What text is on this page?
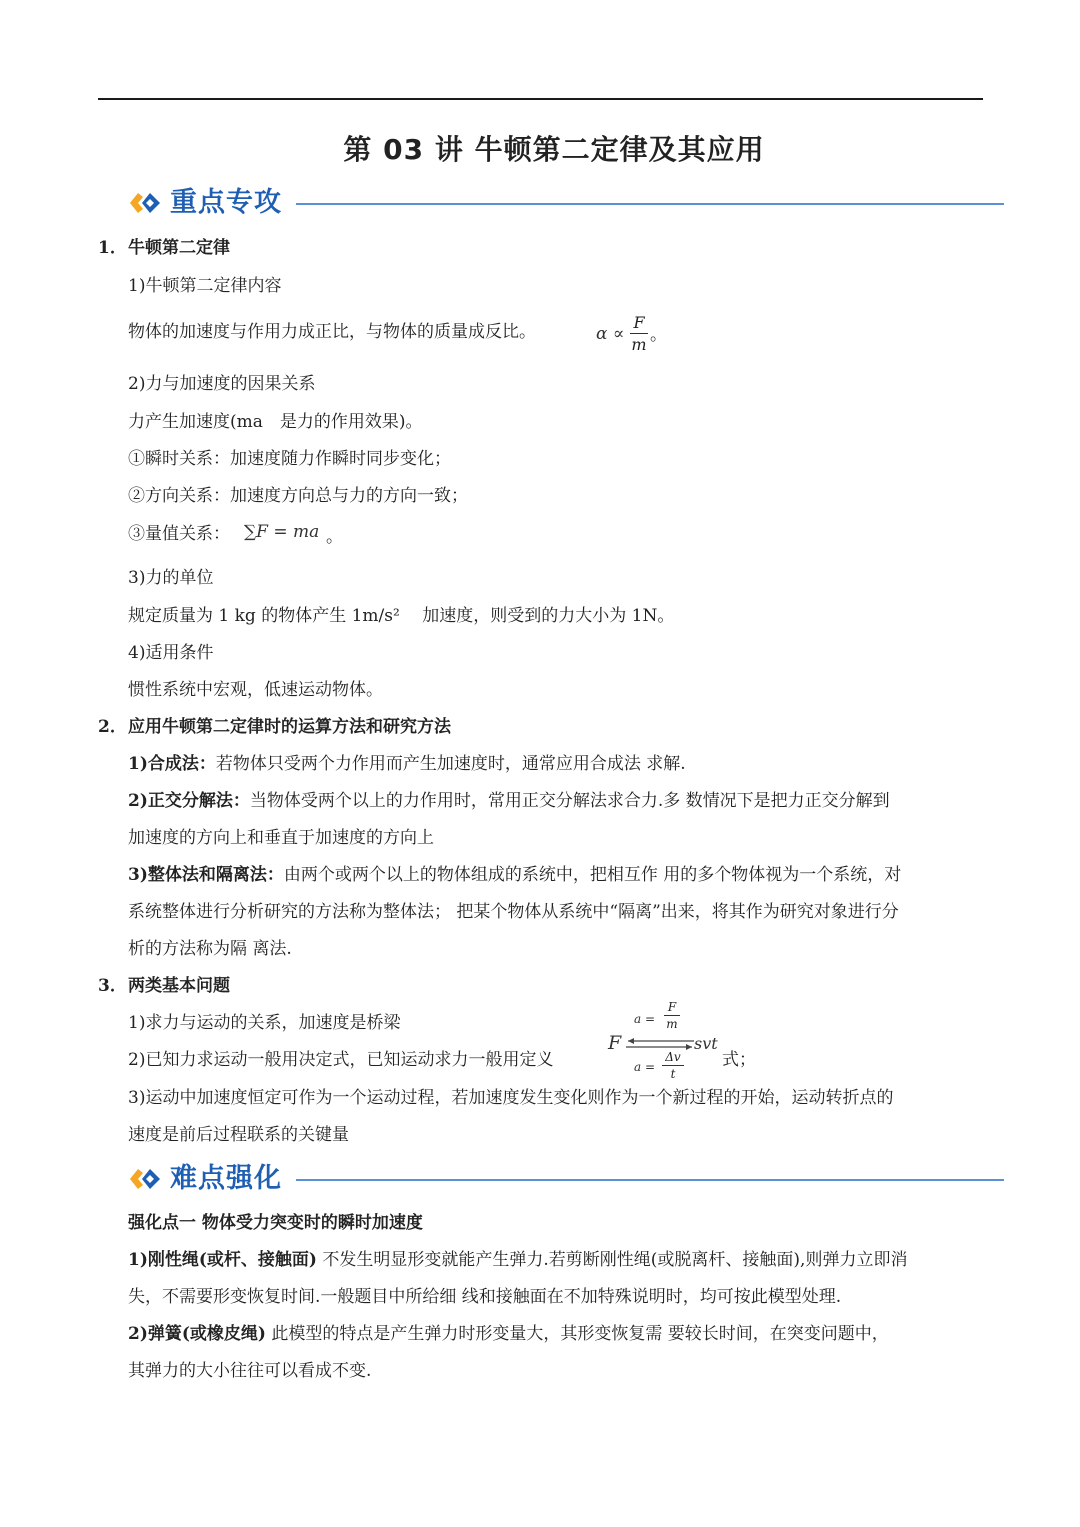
第 03 讲 牛顿第二定律及其应用
重点专攻
1． 牛顿第二定律
1)牛顿第二定律内容
物体的加速度与作用力成正比，与物体的质量成反比。	α ∝
F
m 。
2)力与加速度的因果关系
力产生加速度(ma　是力的作用效果)。
①瞬时关系：加速度随力作瞬时同步变化；
②方向关系：加速度方向总与力的方向一致；
③量值关系： ∑F = ma 。
3)力的单位
规定质量为 1 kg 的物体产生 1m/s²　 加速度，则受到的力大小为 1N。
4)适用条件
惯性系统中宏观，低速运动物体。
2． 应用牛顿第二定律时的运算方法和研究方法
1)合成法：若物体只受两个力作用而产生加速度时，通常应用合成法 求解.
2)正交分解法：当物体受两个以上的力作用时，常用正交分解法求合力.多 数情况下是把力正交分解到
加速度的方向上和垂直于加速度的方向上
3)整体法和隔离法：由两个或两个以上的物体组成的系统中，把相互作 用的多个物体视为一个系统，对
系统整体进行分析研究的方法称为整体法； 把某个物体从系统中“隔离”出来，将其作为研究对象进行分
析的方法称为隔 离法.
3． 两类基本问题
1)求力与运动的关系，加速度是桥梁
2)已知力求运动一般用决定式，已知运动求力一般用定义
F	svt
a =
F
m
a =
Δv
t
式；
3)运动中加速度恒定可作为一个运动过程，若加速度发生变化则作为一个新过程的开始，运动转折点的
速度是前后过程联系的关键量
难点强化
强化点一 物体受力突变时的瞬时加速度
1)刚性绳(或杆、接触面) 不发生明显形变就能产生弹力.若剪断刚性绳(或脱离杆、接触面),则弹力立即消
失，不需要形变恢复时间.一般题目中所给细 线和接触面在不加特殊说明时，均可按此模型处理.
2)弹簧(或橡皮绳) 此模型的特点是产生弹力时形变量大，其形变恢复需 要较长时间，在突变问题中，
其弹力的大小往往可以看成不变.
